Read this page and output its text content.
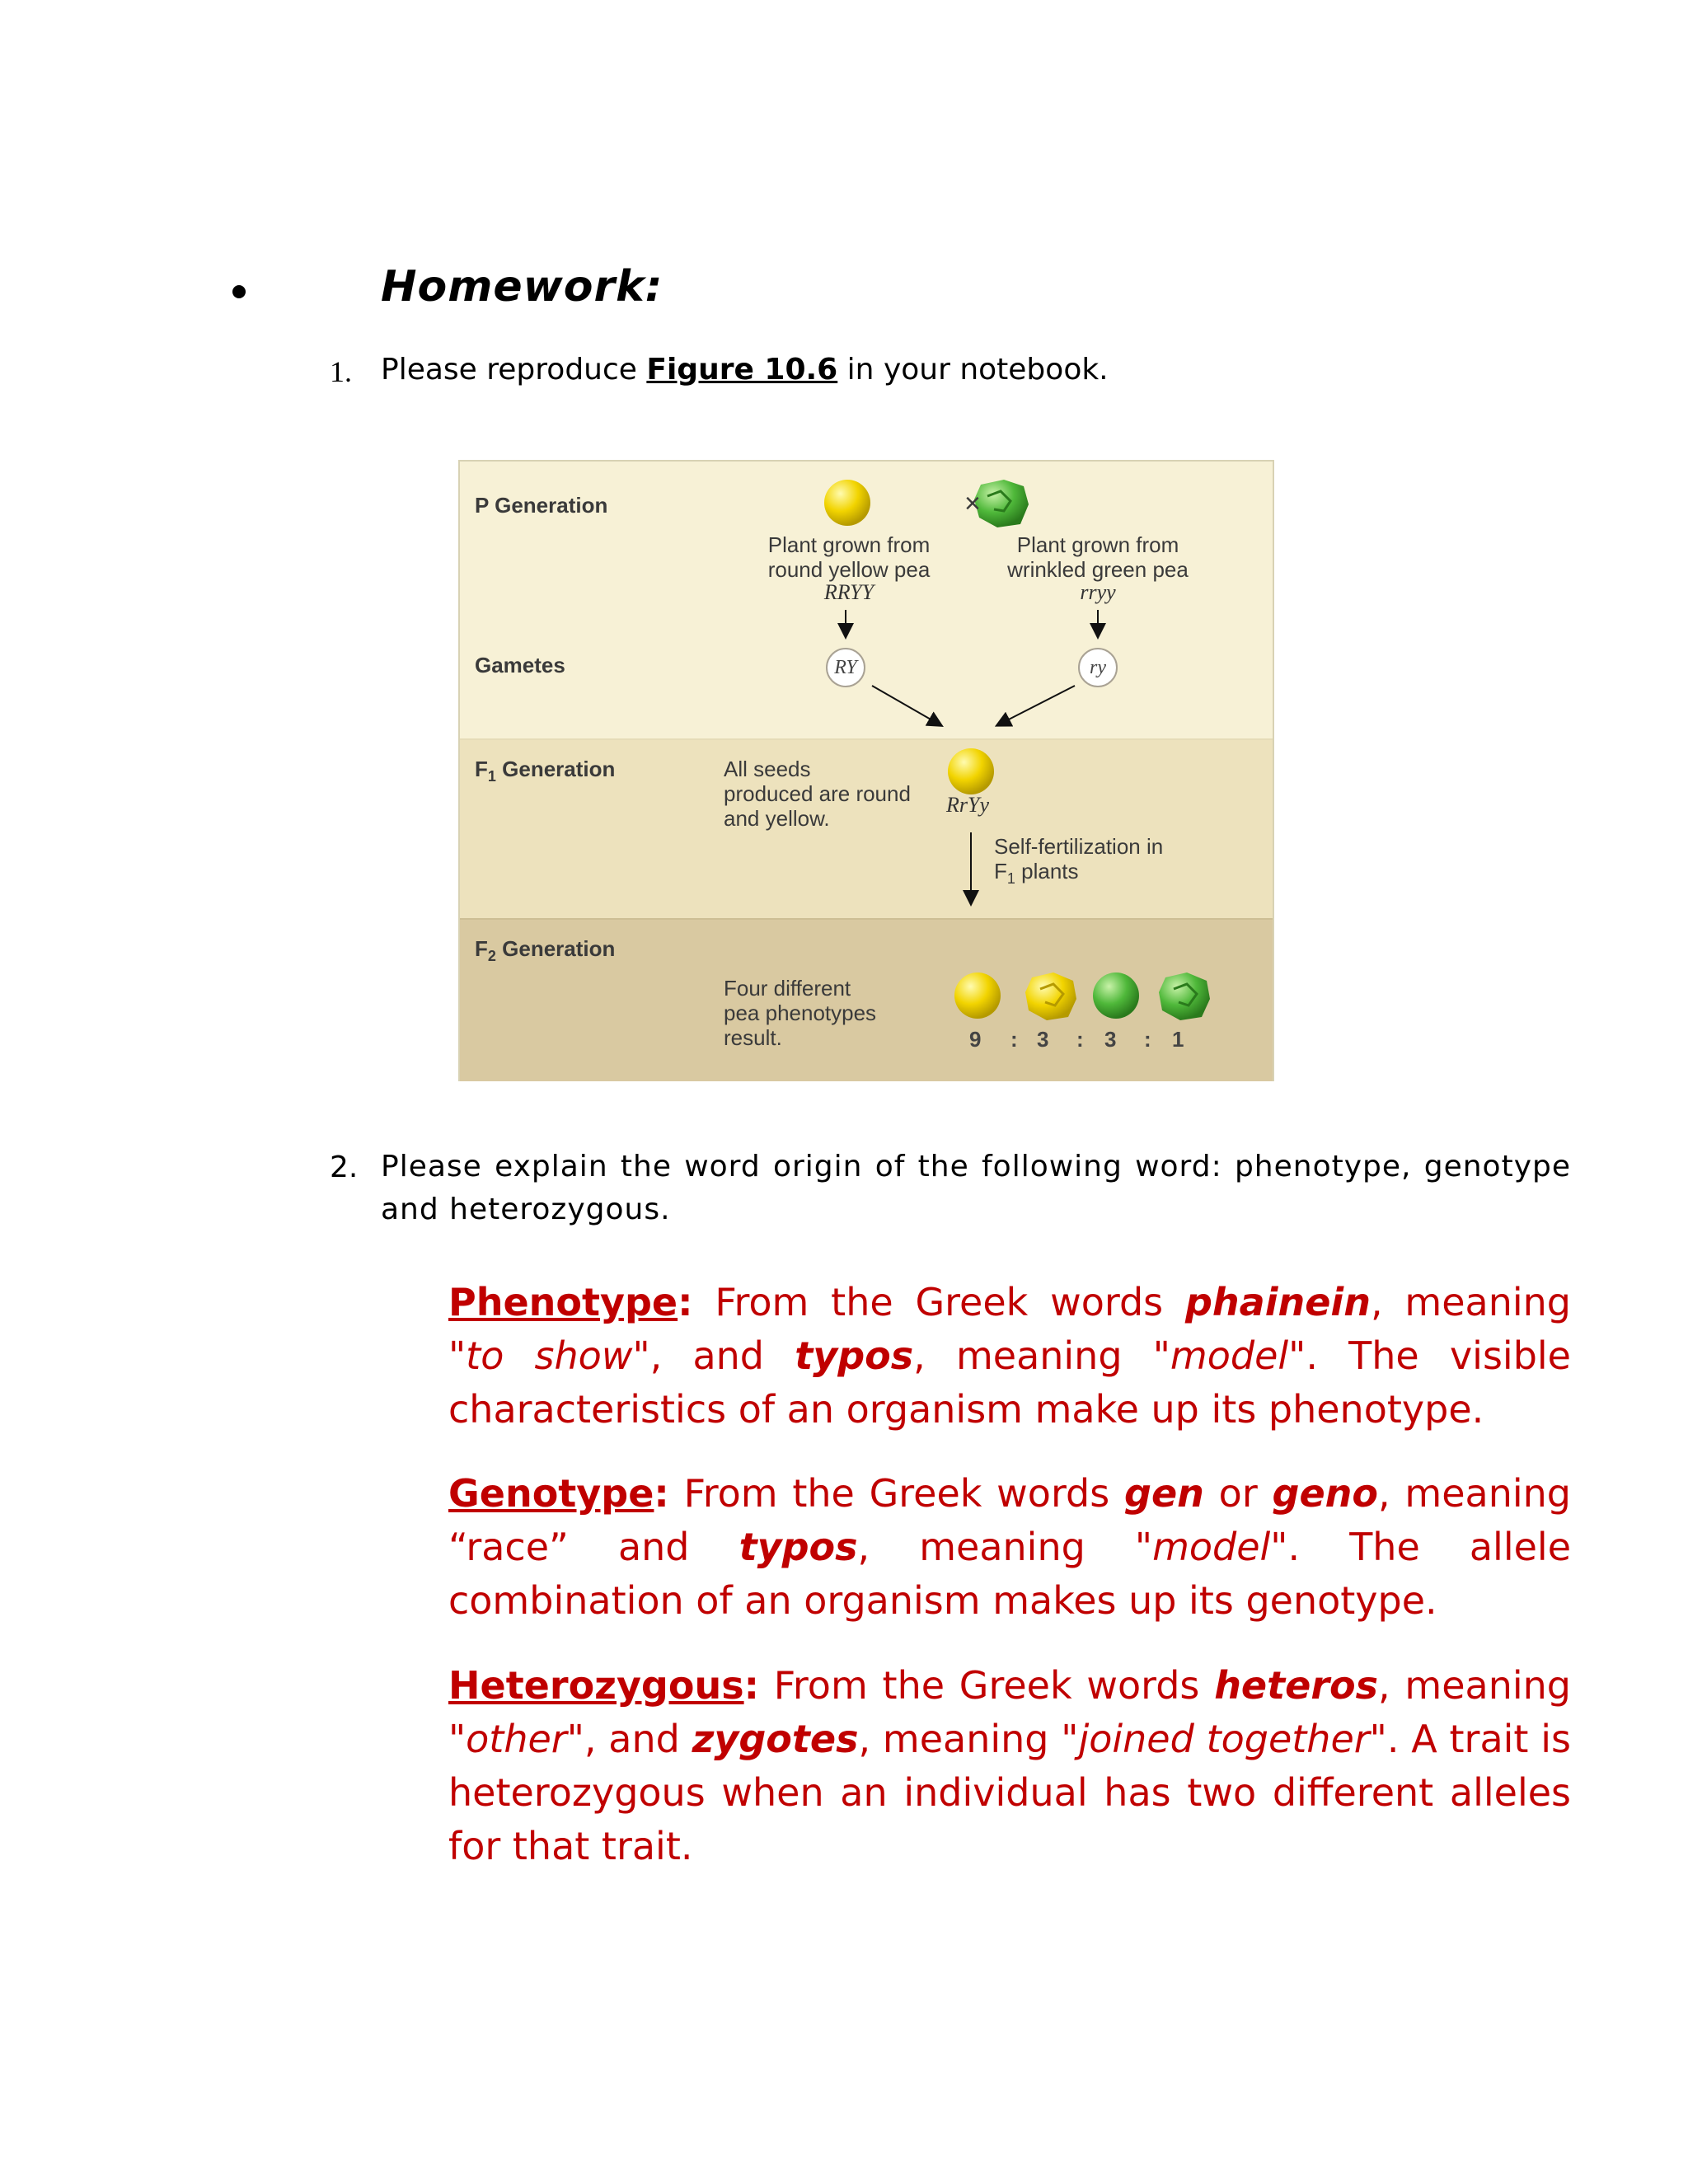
Homework:
1. Please reproduce Figure 10.6 in your notebook.
P Generation	×
Plant grown from
round yellow pea
RRYY
Plant grown from
wrinkled green pea
rryy
Gametes	RY	ry
$F_1$ Generation	All seeds
produced are round
and yellow.
RrYy
Self-fertilization in
$F_1$ plants
$F_2$ Generation
Four different
pea phenotypes
result.	9 : 3 : 3 : 1
2. Please explain the word origin of the following word: phenotype, genotype and heterozygous.
Phenotype: From the Greek words phainein, meaning "to show", and typos, meaning "model". The visible characteristics of an organism make up its phenotype.
Genotype: From the Greek words gen or geno, meaning “race” and typos, meaning "model". The allele combination of an organism makes up its genotype.
Heterozygous: From the Greek words heteros, meaning "other", and zygotes, meaning "joined together". A trait is heterozygous when an individual has two different alleles for that trait.
